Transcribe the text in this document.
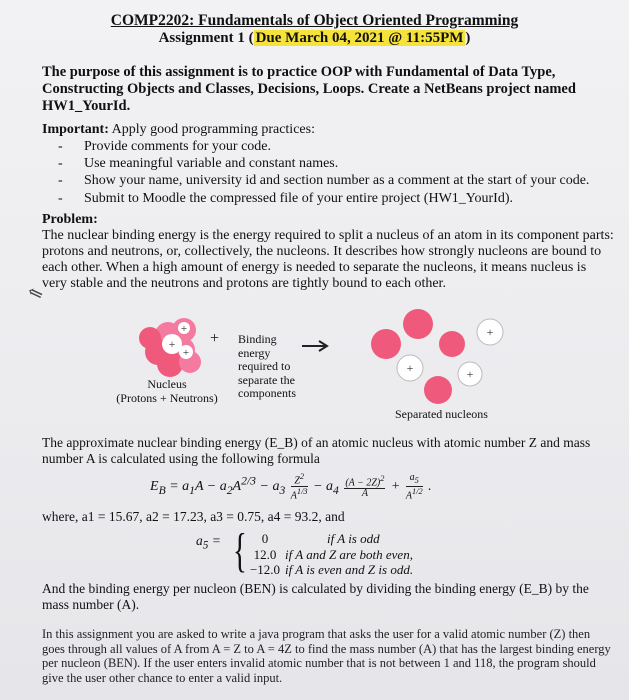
COMP2202: Fundamentals of Object Oriented Programming
Assignment 1 ( Due March 04, 2021 @ 11:55PM )
The purpose of this assignment is to practice OOP with Fundamental of Data Type, Constructing Objects and Classes, Decisions, Loops. Create a NetBeans project named HW1_YourId.
Important: Apply good programming practices:
- Provide comments for your code.
- Use meaningful variable and constant names.
- Show your name, university id and section number as a comment at the start of your code.
- Submit to Moodle the compressed file of your entire project (HW1_YourId).
Problem:
The nuclear binding energy is the energy required to split a nucleus of an atom in its component parts: protons and neutrons, or, collectively, the nucleons. It describes how strongly nucleons are bound to each other. When a high amount of energy is needed to separate the nucleons, it means nucleus is very stable and the neutrons and protons are tightly bound to each other.
⇖
+
+
+
+
+	+
+ Binding
energy
required to
separate the
components
Nucleus
(Protons + Neutrons)
Separated nucleons
The approximate nuclear binding energy (E_B) of an atomic nucleus with atomic number Z and mass number A is calculated using the following formula
$E_B = a_1A - a_2A^{2/3} - a_3 \frac{Z^2}{A^{1/3}} - a_4 \frac{(A - 2Z)^2}{A} + \frac{a_5}{A^{1/2}}$ .
where, a1 = 15.67, a2 = 17.23, a3 = 0.75, a4 = 93.2, and
$a_5$ = {	0	if A is odd
12.0 if A and Z are both even,
−12.0 if A is even and Z is odd.
And the binding energy per nucleon (BEN) is calculated by dividing the binding energy (E_B) by the mass number (A).
In this assignment you are asked to write a java program that asks the user for a valid atomic number (Z) then goes through all values of A from A = Z to A = 4Z to find the mass number (A) that has the largest binding energy per nucleon (BEN). If the user enters invalid atomic number that is not between 1 and 118, the program should give the user other chance to enter a valid input.
